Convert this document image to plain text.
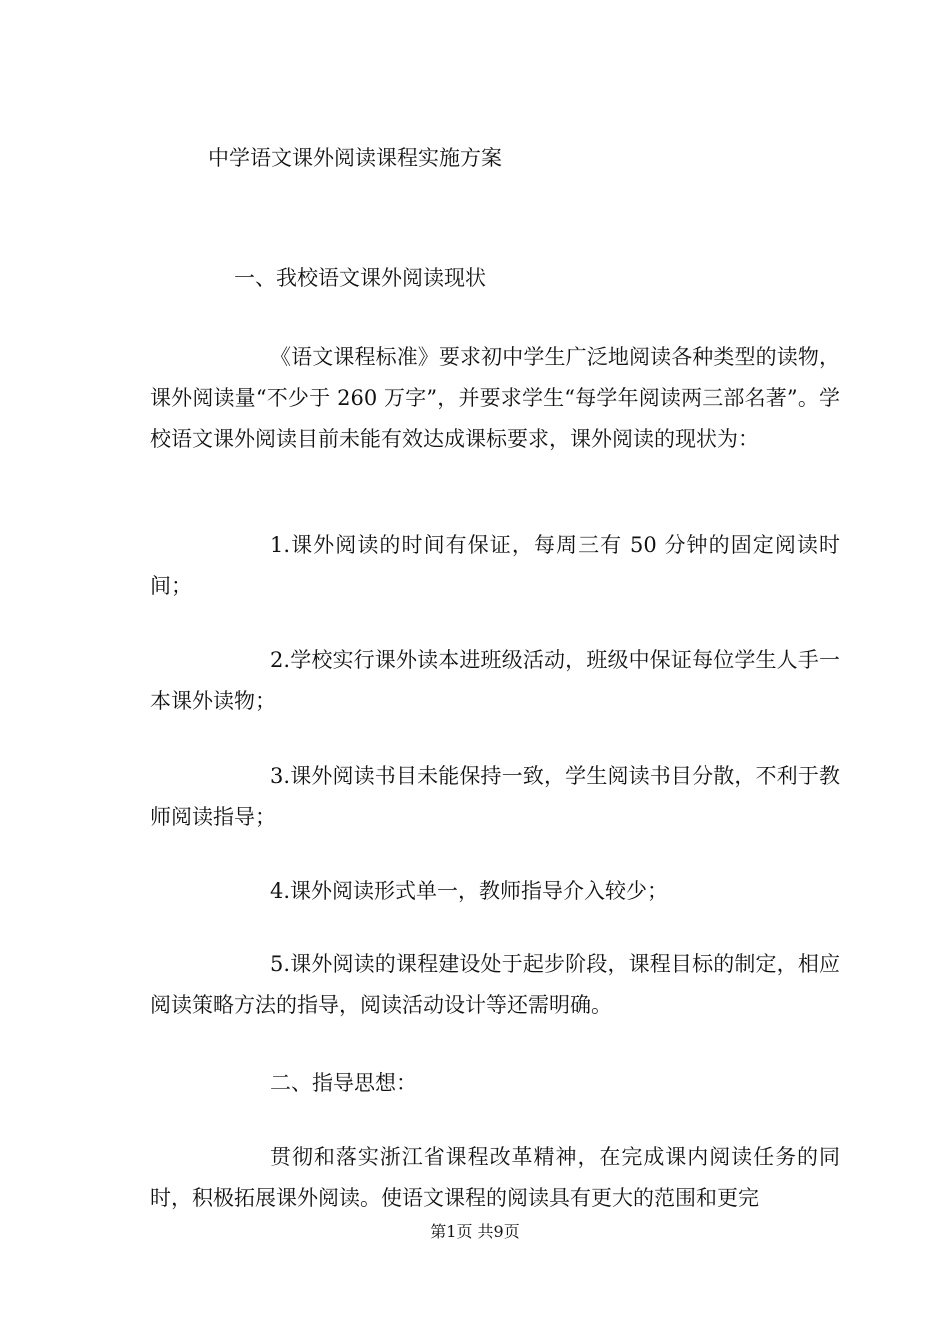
中学语文课外阅读课程实施方案
一、我校语文课外阅读现状

《语文课程标准》要求初中学生广泛地阅读各种类型的读物，课外阅读量“不少于 260 万字”，并要求学生“每学年阅读两三部名著”。学校语文课外阅读目前未能有效达成课标要求，课外阅读的现状为：

1.课外阅读的时间有保证，每周三有 50 分钟的固定阅读时间；

2.学校实行课外读本进班级活动，班级中保证每位学生人手一本课外读物；

3.课外阅读书目未能保持一致，学生阅读书目分散，不利于教师阅读指导；

4.课外阅读形式单一，教师指导介入较少；

5.课外阅读的课程建设处于起步阶段，课程目标的制定，相应阅读策略方法的指导，阅读活动设计等还需明确。

二、指导思想：

贯彻和落实浙江省课程改革精神，在完成课内阅读任务的同时，积极拓展课外阅读。使语文课程的阅读具有更大的范围和更完

第1页 共9页
